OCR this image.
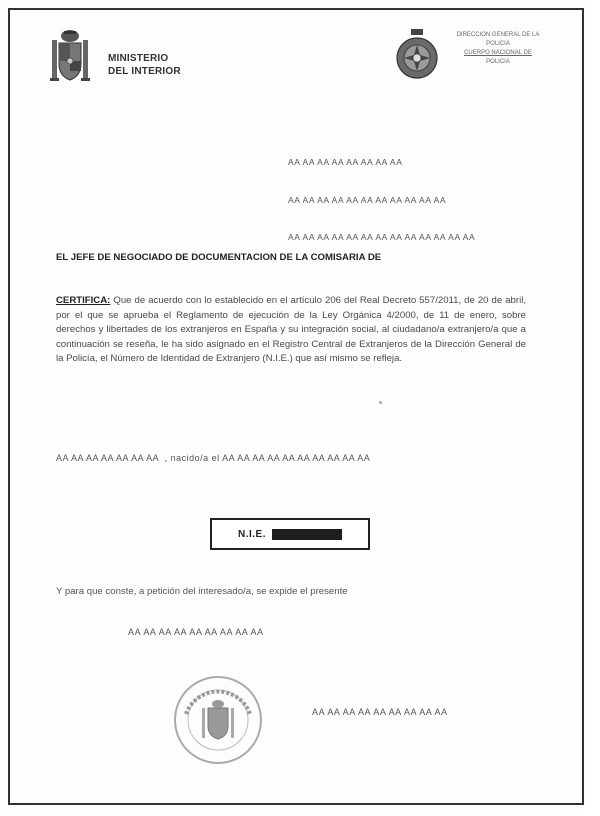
MINISTERIO
DEL INTERIOR
DIRECCION GENERAL DE LA
POLICIA
CUERPO NACIONAL DE
POLICIA

AA AA AA AA AA AA AA AA

AA AA AA AA AA AA AA AA AA AA AA

AA AA AA AA AA AA AA AA AA AA AA AA AA

EL JEFE DE NEGOCIADO DE DOCUMENTACION DE LA COMISARIA DE
CERTIFICA: Que de acuerdo con lo establecido en el artículo 206 del Real Decreto 557/2011, de 20 de abril, por el que se aprueba el Reglamento de ejecución de la Ley Orgánica 4/2000, de 11 de enero, sobre derechos y libertades de los extranjeros en España y su integración social, al ciudadano/a extranjero/a que a continuación se reseña, le ha sido asignado en el Registro Central de Extranjeros de la Dirección General de la Policía, el Número de Identidad de Extranjero (N.I.E.) que así mismo se refleja.
AA AA AA AA AA AA AA , nacido/a el AA AA AA AA AA AA AA AA AA AA
N.I.E.
Y para que conste, a petición del interesado/a, se expide el presente
AA AA AA AA AA AA AA AA AA
AA AA AA AA AA AA AA AA AA
